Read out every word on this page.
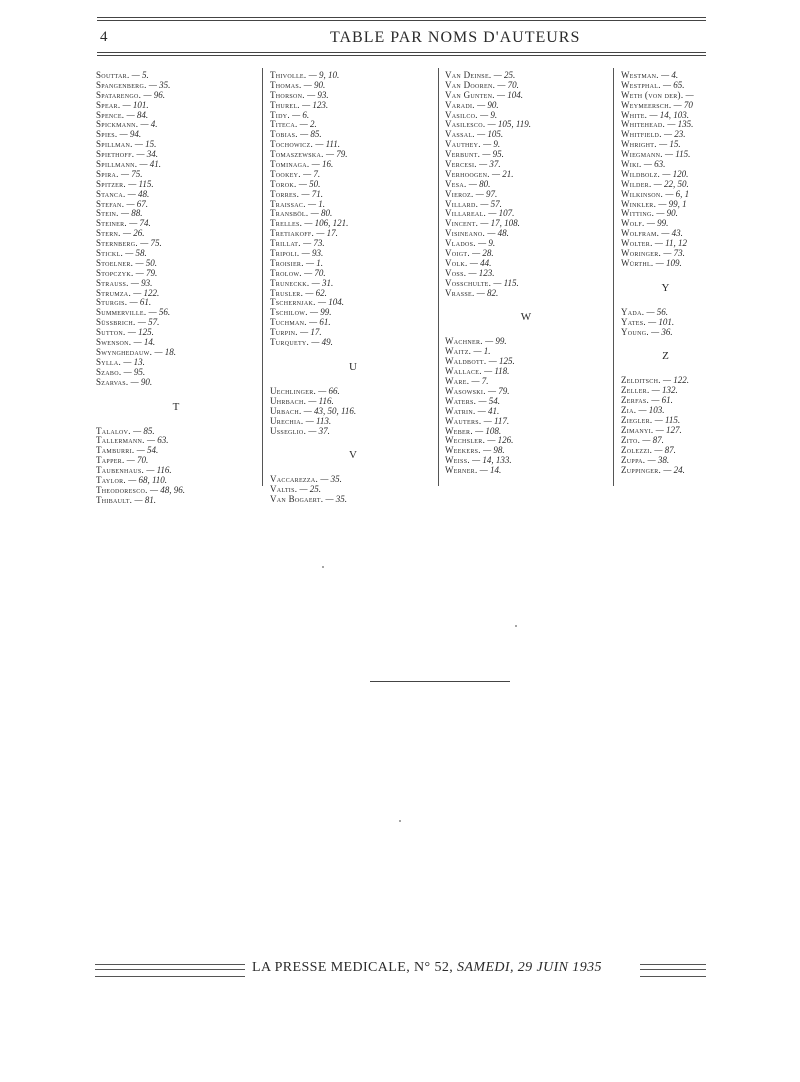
4	TABLE PAR NOMS D'AUTEURS
Souttar. — 5.
Spangenberg. — 35.
Spatarengo. — 96.
Spear. — 101.
Spence. — 84.
Spickmann. — 4.
Spies. — 94.
Spillman. — 15.
Spiethoff. — 34.
Spillmann. — 41.
Spira. — 75.
Spitzer. — 115.
Stanca. — 48.
Stefan. — 67.
Stein. — 88.
Steiner. — 74.
Stern. — 26.
Sternberg. — 75.
Stickl. — 58.
Stoelner. — 50.
Stopczyk. — 79.
Strauss. — 93.
Strumza. — 122.
Sturgis. — 61.
Summerville. — 56.
Süssbrich. — 57.
Sutton. — 125.
Swenson. — 14.
Swynghedauw. — 18.
Sylla. — 13.
Szabo. — 95.
Szarvas. — 90.
T
Talalov. — 85.
Tallermann. — 63.
Tamburri. — 54.
Tapper. — 70.
Taubenhaus. — 116.
Taylor. — 68, 110.
Theodoresco. — 48, 96.
Thibault. — 81.
Thivolle. — 9, 10.
Thomas. — 90.
Thorson. — 93.
Thurel. — 123.
Tidy. — 6.
Titeca. — 2.
Tobias. — 85.
Tochowicz. — 111.
Tomaszewska. — 79.
Tominaga. — 16.
Tookey. — 7.
Torok. — 50.
Torres. — 71.
Traissac. — 1.
Transböl. — 80.
Trelles. — 106, 121.
Tretiakoff. — 17.
Trillat. — 73.
Tripoli. — 93.
Troisier. — 1.
Trolow. — 70.
Truneckk. — 31.
Trusler. — 62.
Tschernjak. — 104.
Tschilow. — 99.
Tuchman. — 61.
Turpin. — 17.
Turquety. — 49.
U
Uechlinger. — 66.
Uhrbach. — 116.
Urbach. — 43, 50, 116.
Urechia. — 113.
Usseglio. — 37.
V
Vaccarezza. — 35.
Valtis. — 25.
Van Bogaert. — 35.
Van Deinse. — 25.
Van Dooren. — 70.
Van Gunten. — 104.
Varadi. — 90.
Vasilco. — 9.
Vasilesco. — 105, 119.
Vassal. — 105.
Vauthey. — 9.
Verbunt. — 95.
Vercesi. — 37.
Verhoogen. — 21.
Vesa. — 80.
Vieroz. — 97.
Villard. — 57.
Villareal. — 107.
Vincent. — 17, 108.
Visineano. — 48.
Vlados. — 9.
Voigt. — 28.
Volk. — 44.
Voss. — 123.
Vosschulte. — 115.
Vrasse. — 82.
W
Wachner. — 99.
Waitz. — 1.
Waldbott. — 125.
Wallace. — 118.
Ware. — 7.
Wasowski. — 79.
Waters. — 54.
Watrin. — 41.
Wauters. — 117.
Weber. — 108.
Wechsler. — 126.
Weekers. — 98.
Weiss. — 14, 133.
Werner. — 14.
Westman. — 4.
Westphal. — 65.
Weth (von der). —
Weymeersch. — 70
White. — 14, 103.
Whitehead. — 135.
Whitfield. — 23.
Whright. — 15.
Wiegmann. — 115.
Wiki. — 63.
Wildbolz. — 120.
Wilder. — 22, 50.
Wilkinson. — 6, 1
Winkler. — 99, 1
Witting. — 90.
Wolf. — 99.
Wolfram. — 43.
Wolter. — 11, 12
Woringer. — 73.
Würthl. — 109.
Y
Yada. — 56.
Yates. — 101.
Young. — 36.
Z
Zelditsch. — 122.
Zeller. — 132.
Zerfas. — 61.
Zia. — 103.
Ziegler. — 115.
Zimanyi. — 127.
Zito. — 87.
Zolezzi. — 87.
Zuppa. — 38.
Zuppinger. — 24.
LA PRESSE MEDICALE, N° 52, SAMEDI, 29 JUIN 1935
